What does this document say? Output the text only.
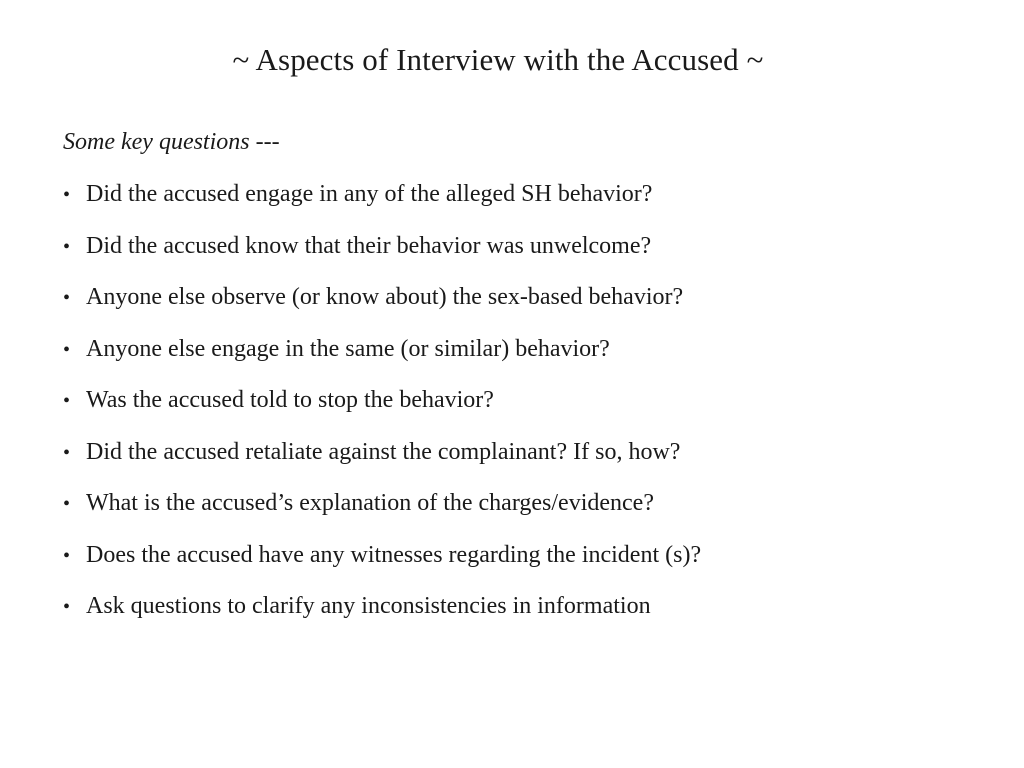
~ Aspects of Interview with the Accused ~
Some key questions ---
• Did the accused engage in any of the alleged SH behavior?
• Did the accused know that their behavior was unwelcome?
• Anyone else observe (or know about) the sex-based behavior?
• Anyone else engage in the same (or similar) behavior?
• Was the accused told to stop the behavior?
• Did the accused retaliate against the complainant? If so, how?
• What is the accused’s explanation of the charges/evidence?
• Does the accused have any witnesses regarding the incident (s)?
• Ask questions to clarify any inconsistencies in information
